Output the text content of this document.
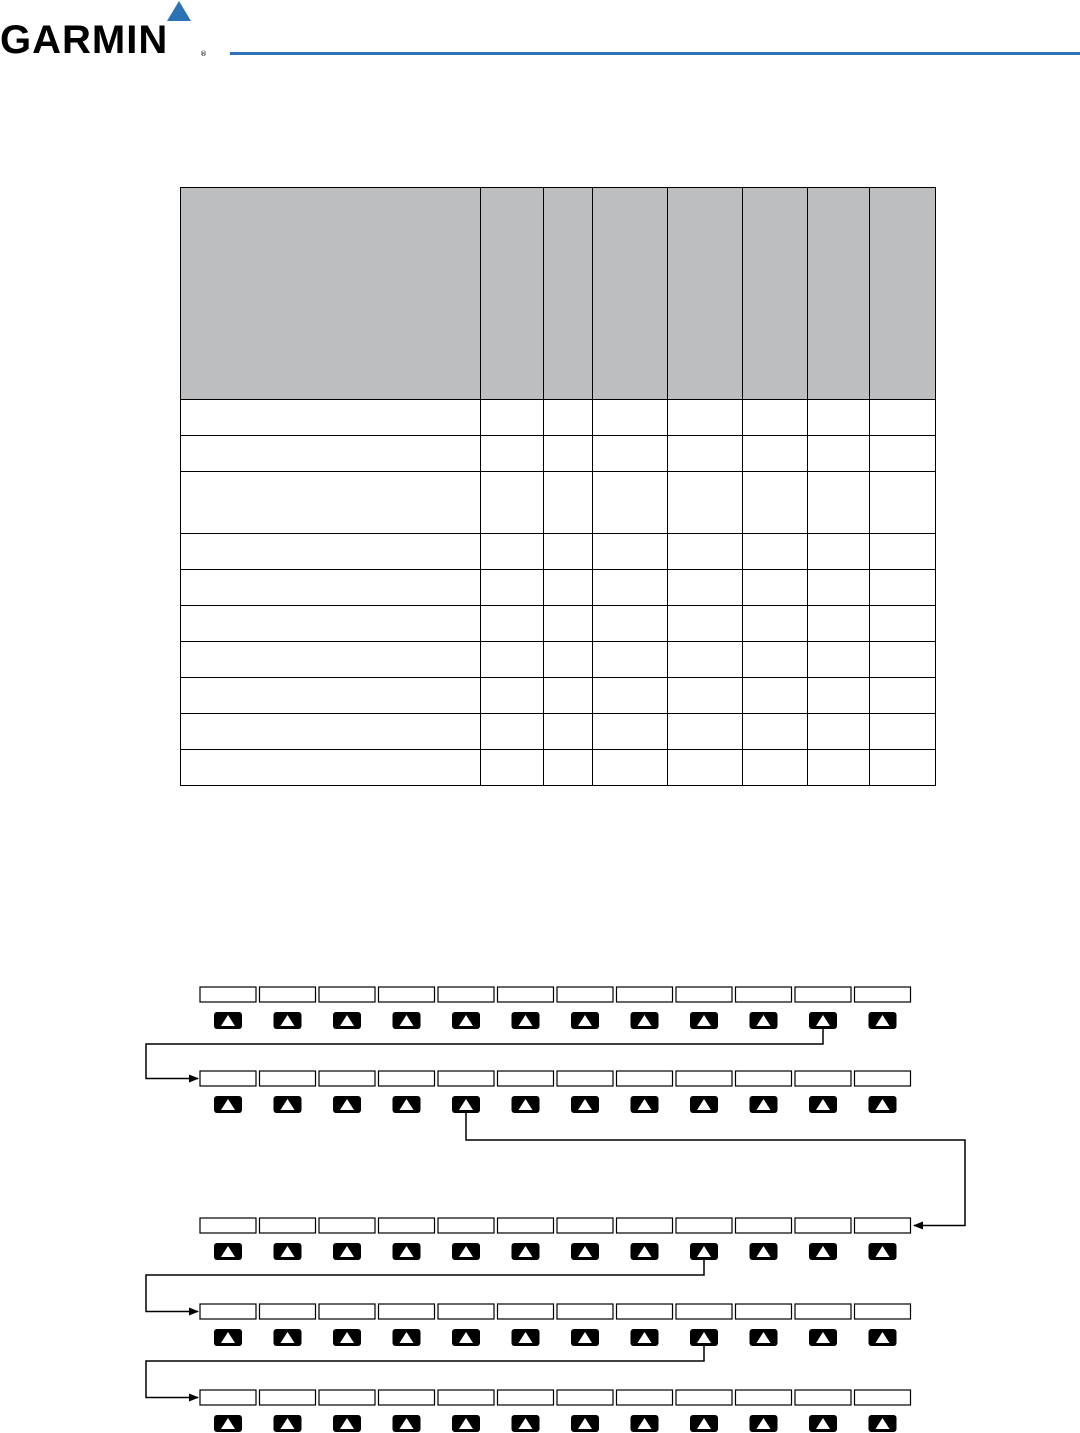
GARMIN	®
